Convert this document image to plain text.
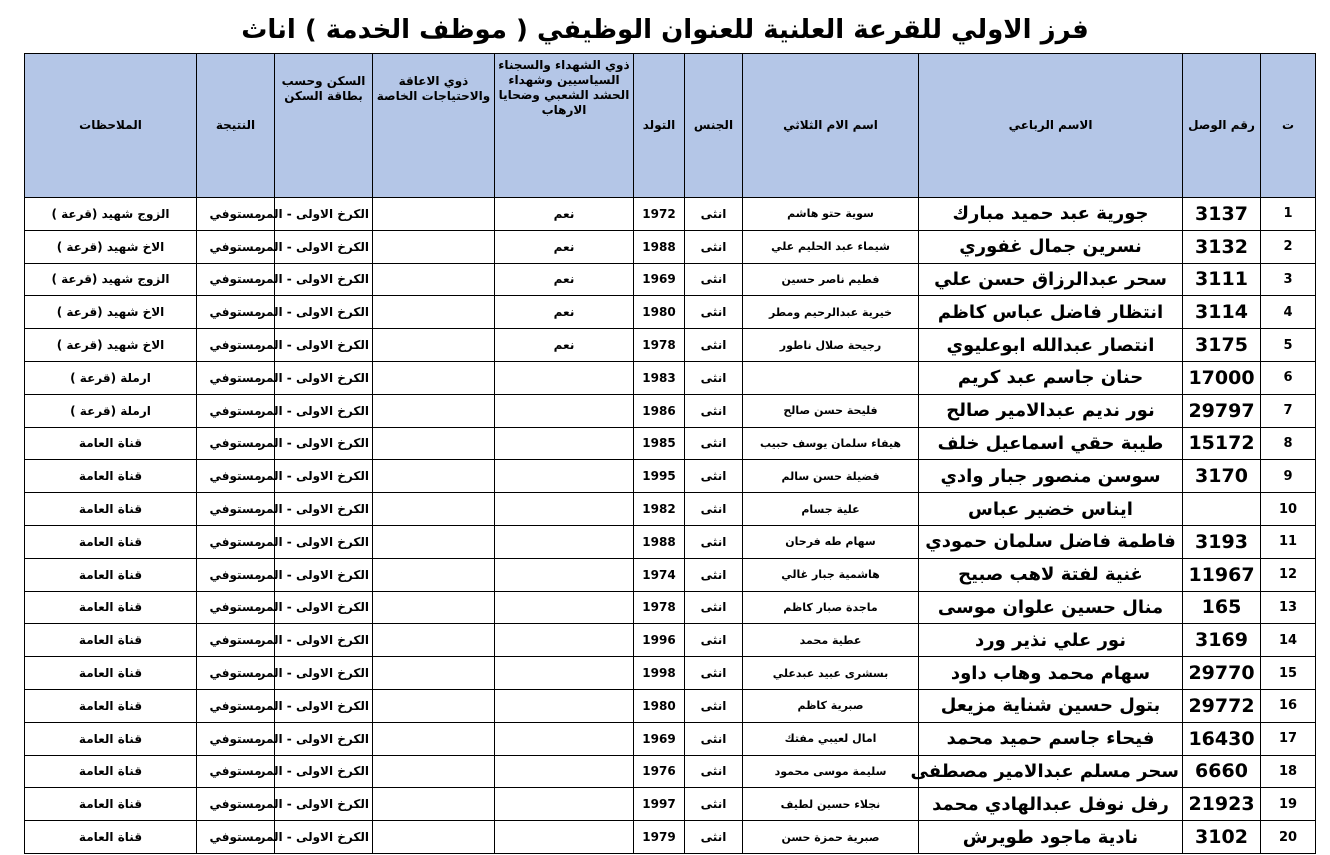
فرز الاولي للقرعة العلنية للعنوان الوظيفي ( موظف الخدمة ) اناث
ت	رقم الوصل	الاسم الرباعي	اسم الام الثلاثي	الجنس	التولد	ذوي الشهداء والسجناء السياسيين وشهداء الحشد الشعبي وضحايا الارهاب	ذوي الاعاقة والاحتياجات الخاصة	السكن وحسب بطاقة السكن	النتيجة	الملاحظات
1	3137	جورية عبد حميد مبارك	سوية حتو هاشم	انثى	1972	نعم		الكرخ الاولى - المر	مستوفي	الزوج شهيد (قرعة )
2	3132	نسرين جمال غفوري	شيماء عبد الحليم علي	انثى	1988	نعم		الكرخ الاولى - المر	مستوفي	الاخ شهيد (قرعة )
3	3111	سحر عبدالرزاق حسن علي	فطيم ناصر حسين	انثى	1969	نعم		الكرخ الاولى - المر	مستوفي	الزوج شهيد (قرعة )
4	3114	انتظار فاضل عباس كاظم	خيرية عبدالرحيم ومطر	انثى	1980	نعم		الكرخ الاولى - المر	مستوفي	الاخ شهيد (قرعة )
5	3175	انتصار عبدالله ابوعليوي	رجيحة صلال ناطور	انثى	1978	نعم		الكرخ الاولى - المر	مستوفي	الاخ شهيد (قرعة )
6	17000	حنان جاسم عبد كريم		انثى	1983			الكرخ الاولى - المر	مستوفي	ارملة (قرعة )
7	29797	نور نديم عبدالامير صالح	فليحة حسن صالح	انثى	1986			الكرخ الاولى - المر	مستوفي	ارملة (قرعة )
8	15172	طيبة حقي اسماعيل خلف	هيفاء سلمان يوسف حبيب	انثى	1985			الكرخ الاولى - المر	مستوفي	قناة العامة
9	3170	سوسن منصور جبار وادي	فضيلة حسن سالم	انثى	1995			الكرخ الاولى - المر	مستوفي	قناة العامة
10		ايناس خضير عباس	علية جسام	انثى	1982			الكرخ الاولى - المر	مستوفي	قناة العامة
11	3193	فاطمة فاضل سلمان حمودي	سهام طه فرحان	انثى	1988			الكرخ الاولى - المر	مستوفي	قناة العامة
12	11967	غنية لفتة لاهب صبيح	هاشمية جبار غالي	انثى	1974			الكرخ الاولى - المر	مستوفي	قناة العامة
13	165	منال حسين علوان موسى	ماجدة صبار كاظم	انثى	1978			الكرخ الاولى - المر	مستوفي	قناة العامة
14	3169	نور علي نذير ورد	عطية محمد	انثى	1996			الكرخ الاولى - المر	مستوفي	قناة العامة
15	29770	سهام محمد وهاب داود	بسشرى عبيد عبدعلي	انثى	1998			الكرخ الاولى - المر	مستوفي	قناة العامة
16	29772	بتول حسين شناية مزيعل	صبرية كاظم	انثى	1980			الكرخ الاولى - المر	مستوفي	قناة العامة
17	16430	فيحاء جاسم حميد محمد	امال لعيبي مفتك	انثى	1969			الكرخ الاولى - المر	مستوفي	قناة العامة
18	6660	سحر مسلم عبدالامير مصطفى	سليمة موسى محمود	انثى	1976			الكرخ الاولى - المر	مستوفي	قناة العامة
19	21923	رفل نوفل عبدالهادي محمد	نجلاء حسين لطيف	انثى	1997			الكرخ الاولى - المر	مستوفي	قناة العامة
20	3102	نادية ماجود طويرش	صبرية حمزة حسن	انثى	1979			الكرخ الاولى - المر	مستوفي	قناة العامة
